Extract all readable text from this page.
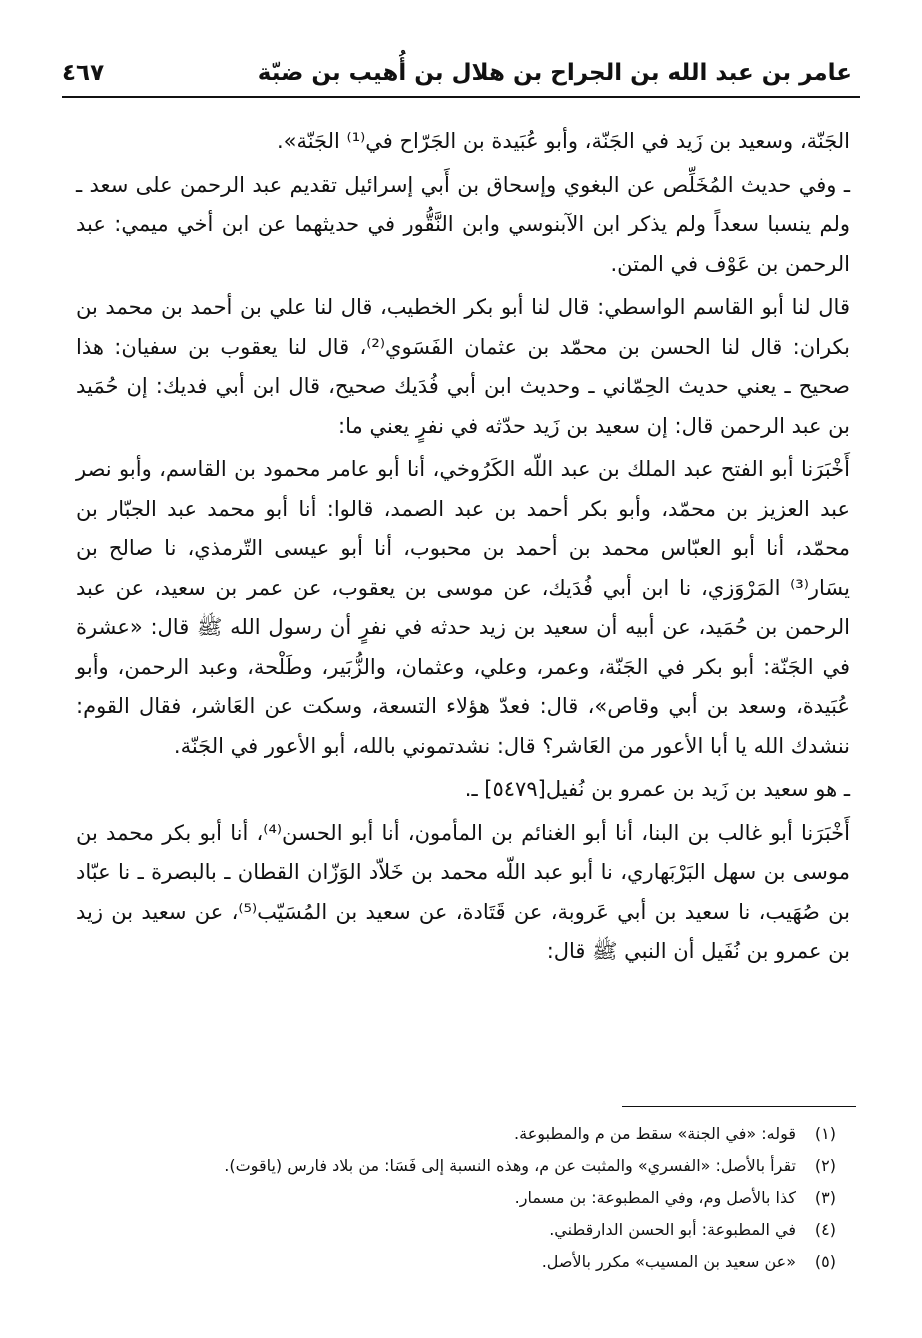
عامر بن عبد الله بن الجراح بن هلال بن أُهيب بن ضبّة
٤٦٧

الجَنّة، وسعيد بن زَيد في الجَنّة، وأبو عُبَيدة بن الجَرّاح في⁽¹⁾ الجَنّة».

ـ وفي حديث المُخَلِّص عن البغوي وإسحاق بن أَبي إسرائيل تقديم عبد الرحمن على سعد ـ ولم ينسبا سعداً ولم يذكر ابن الآبنوسي وابن النَّقُّور في حديثهما عن ابن أخي ميمي: عبد الرحمن بن عَوْف في المتن.

قال لنا أبو القاسم الواسطي: قال لنا أبو بكر الخطيب، قال لنا علي بن أحمد بن محمد بن بكران: قال لنا الحسن بن محمّد بن عثمان الفَسَوي⁽²⁾، قال لنا يعقوب بن سفيان: هذا صحيح ـ يعني حديث الحِمّاني ـ وحديث ابن أبي فُدَيك صحيح، قال ابن أبي فديك: إن حُمَيد بن عبد الرحمن قال: إن سعيد بن زَيد حدّثه في نفرٍ يعني ما:

أَخْبَرَنا أبو الفتح عبد الملك بن عبد اللّه الكَرُوخي، أنا أبو عامر محمود بن القاسم، وأبو نصر عبد العزيز بن محمّد، وأبو بكر أحمد بن عبد الصمد، قالوا: أنا أبو محمد عبد الجبّار بن محمّد، أنا أبو العبّاس محمد بن أحمد بن محبوب، أنا أبو عيسى التّرمذي، نا صالح بن يسَار⁽³⁾ المَرْوَزي، نا ابن أبي فُدَيك، عن موسى بن يعقوب، عن عمر بن سعيد، عن عبد الرحمن بن حُمَيد، عن أبيه أن سعيد بن زيد حدثه في نفرٍ أن رسول الله ﷺ قال: «عشرة في الجَنّة: أبو بكر في الجَنّة، وعمر، وعلي، وعثمان، والزُّبَير، وطَلْحة، وعبد الرحمن، وأبو عُبَيدة، وسعد بن أبي وقاص»، قال: فعدّ هؤلاء التسعة، وسكت عن العَاشر، فقال القوم: ننشدك الله يا أبا الأعور من العَاشر؟ قال: نشدتموني بالله، أبو الأعور في الجَنّة.

ـ هو سعيد بن زَيد بن عمرو بن نُفيل[٥٤٧٩] ـ.

أَخْبَرَنا أبو غالب بن البنا، أنا أبو الغنائم بن المأمون، أنا أبو الحسن⁽⁴⁾، أنا أبو بكر محمد بن موسى بن سهل البَرْبَهاري، نا أبو عبد اللّه محمد بن خَلاّد الوَزّان القطان ـ بالبصرة ـ نا عبّاد بن صُهَيب، نا سعيد بن أبي عَروبة، عن قَتَادة، عن سعيد بن المُسَيّب⁽⁵⁾، عن سعيد بن زيد بن عمرو بن نُفَيل أن النبي ﷺ قال:

(١)قوله: «في الجنة» سقط من م والمطبوعة.
(٢)تقرأ بالأصل: «الفسري» والمثبت عن م، وهذه النسبة إلى فَسَا: من بلاد فارس (ياقوت).
(٣)كذا بالأصل وم، وفي المطبوعة: بن مسمار.
(٤)في المطبوعة: أبو الحسن الدارقطني.
(٥)«عن سعيد بن المسيب» مكرر بالأصل.
